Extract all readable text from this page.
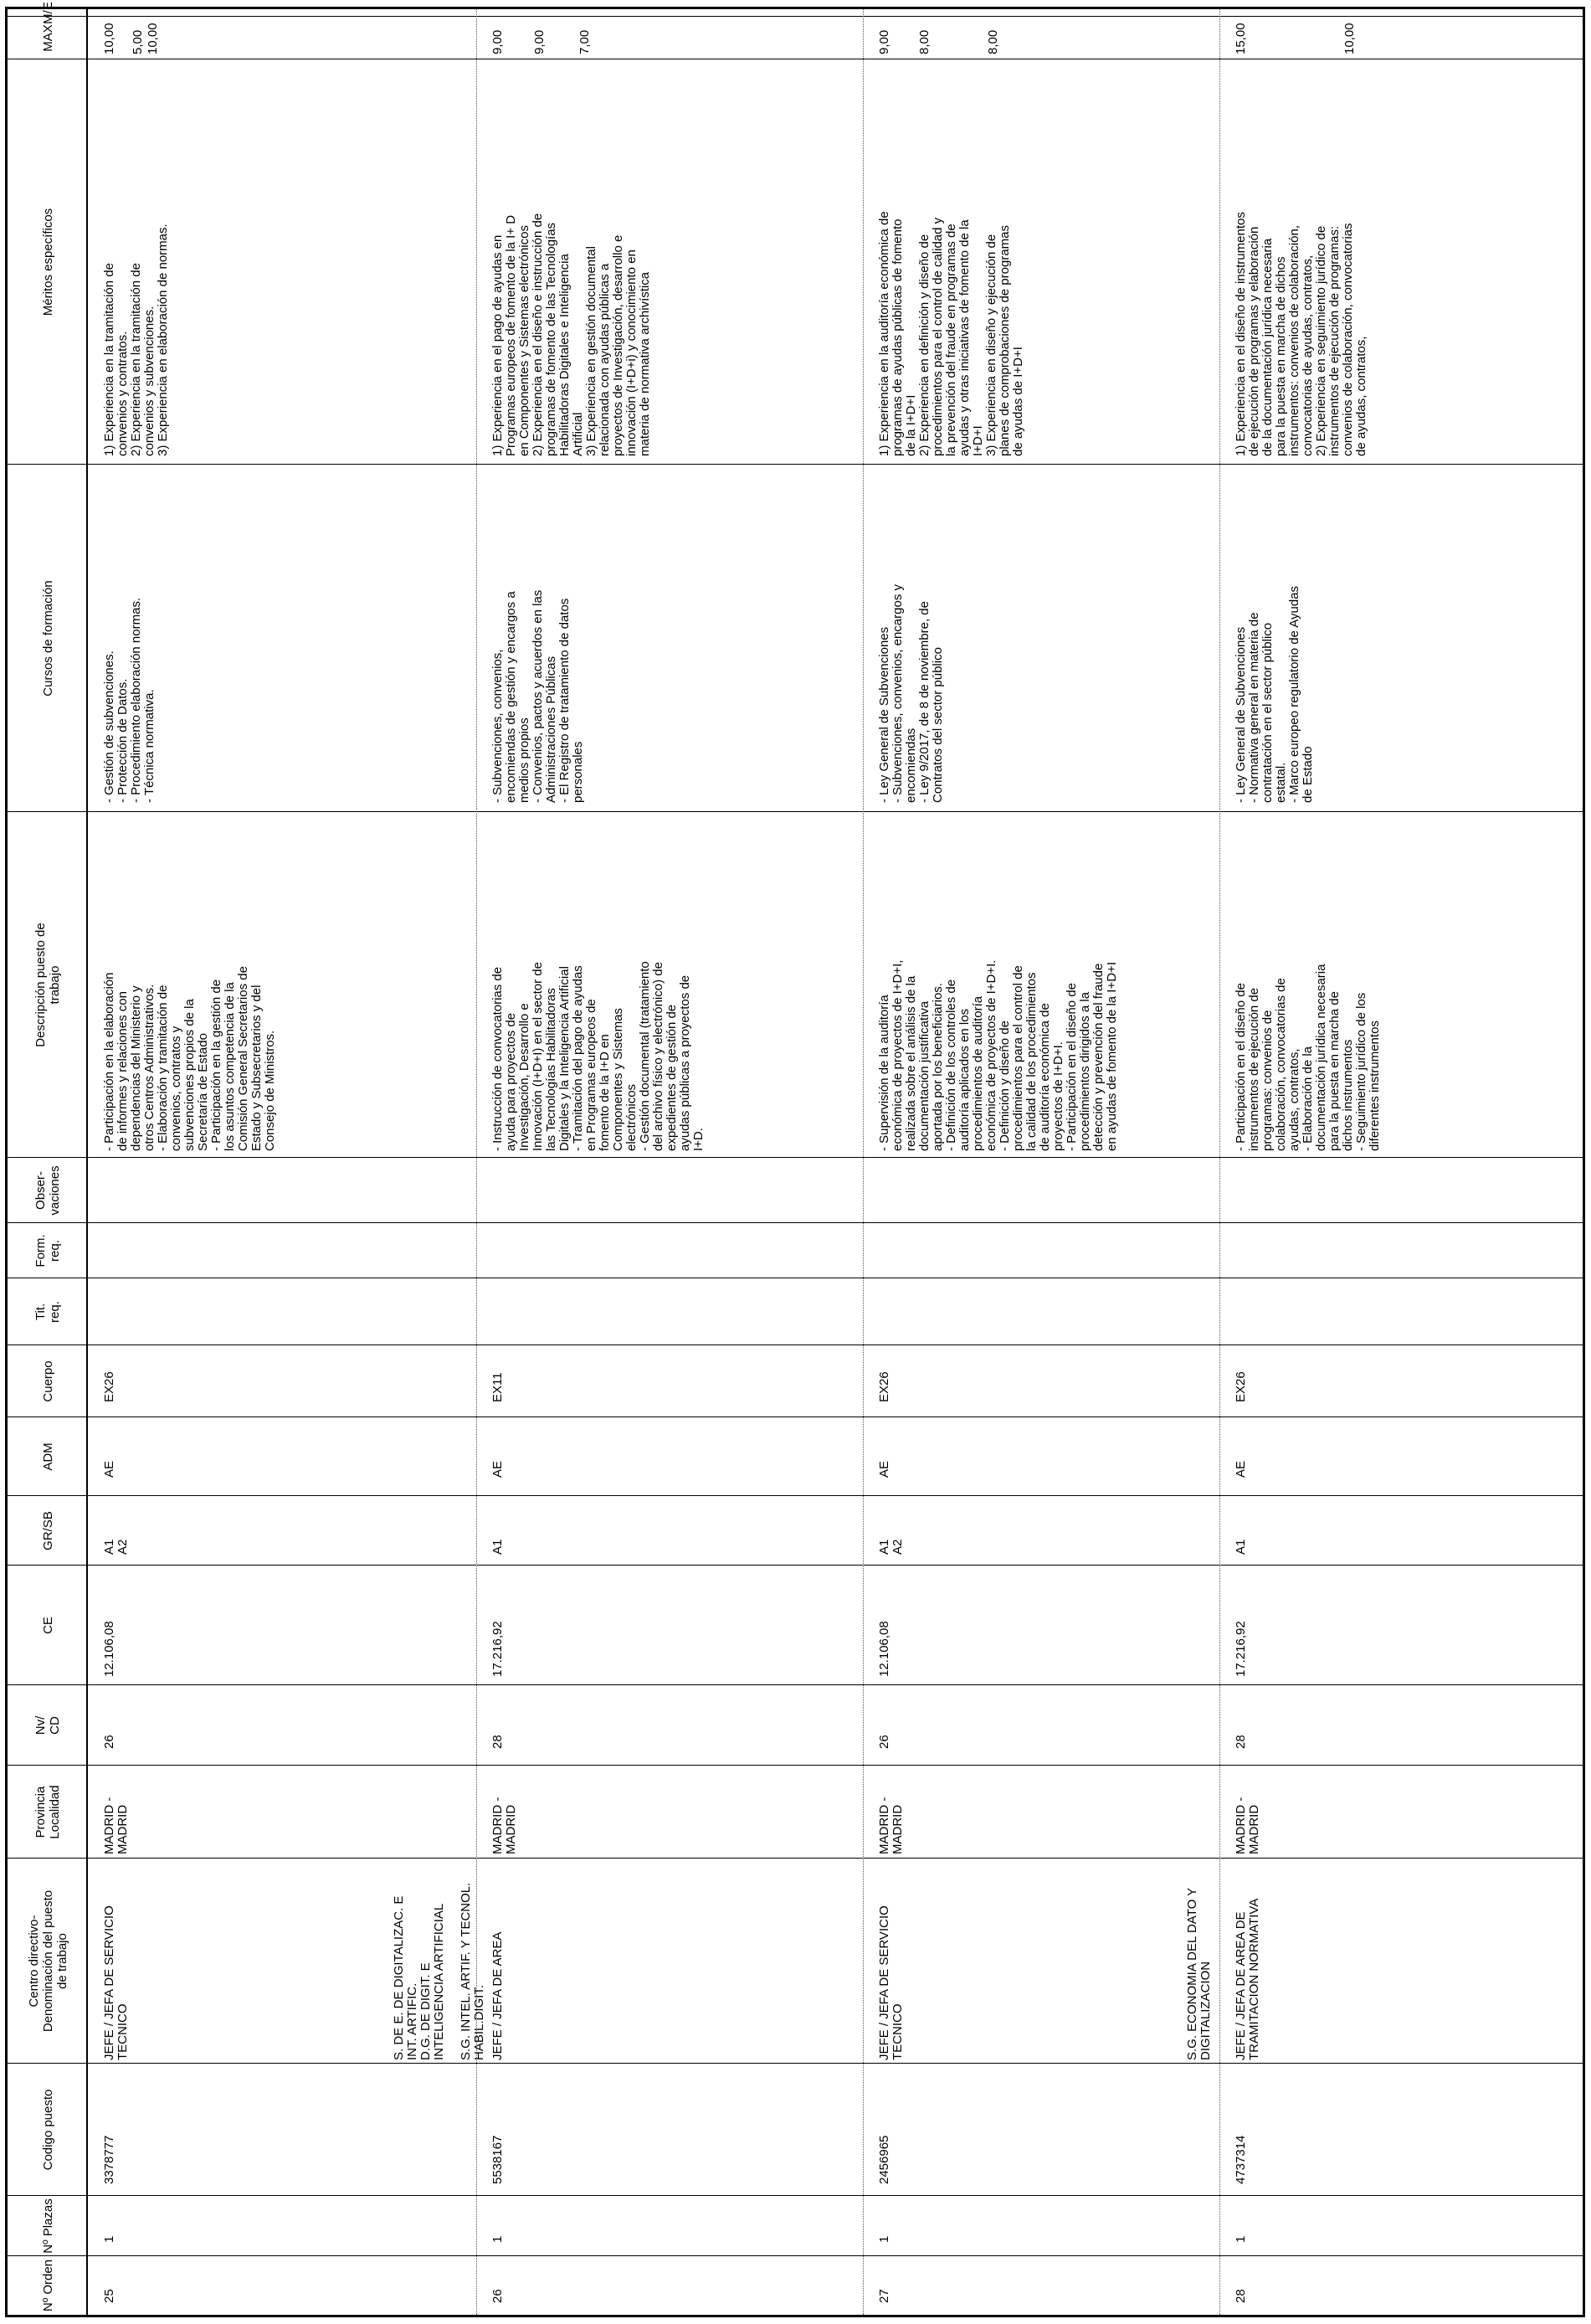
Nº Orden
Nº Plazas
Codigo puesto
Centro directivo-
Denominación del puesto
de trabajo
Provincia
Localidad
Nv/
CD
CE
GR/SB
ADM
Cuerpo
Tit.
req.
Form.
req.
Obser-
vaciones
Descripción puesto de
trabajo
Cursos de formación
Méritos específicos
MAX
M/E
25
1
3378777
JEFE / JEFA DE SERVICIO
TECNICO
MADRID -
MADRID
26
12.106,08
A1
A2
AE
EX26
- Participación en la elaboración
de informes y relaciones con
dependencias del Ministerio y
otros Centros Administrativos.
- Elaboración y tramitación de
convenios, contratos y
subvenciones propios de la
Secretaría de Estado
- Participación en la gestión de
los asuntos competencia de la
Comisión General Secretarios de
Estado y Subsecretarios y del
Consejo de Ministros.
- Gestión de subvenciones.
- Protección de Datos.
- Procedimiento elaboración normas.
- Técnica normativa.
1) Experiencia en la tramitación de
convenios y contratos.
2) Experiencia en la tramitación de
convenios y subvenciones.
3) Experiencia en elaboración de normas.
10,00 5,00 10,00
26
1
5538167
S. DE E. DE DIGITALIZAC. E
INT. ARTIFIC.
D.G. DE DIGIT. E
INTELIGENCIA ARTIFICIAL

S.G. INTEL. ARTIF. Y TECNOL.
HABIL.DIGIT. JEFE / JEFA DE AREA
MADRID -
MADRID
28
17.216,92
A1
AE
EX11
- Instrucción de convocatorias de
ayuda para proyectos de
Investigación, Desarrollo e
Innovación (I+D+I) en el sector de
las Tecnologías Habilitadoras
Digitales y la Inteligencia Artificial
- Tramitación del pago de ayudas
en Programas europeos de
fomento de la I+D en
Componentes y Sistemas
electrónicos
- Gestión documental (tratamiento
del archivo físico y electrónico) de
expedientes de gestión de
ayudas públicas a proyectos de
I+D.
- Subvenciones, convenios,
encomiendas de gestión y encargos a
medios propios
- Convenios, pactos y acuerdos en las
Administraciones Públicas
- El Registro de tratamiento de datos
personales
1) Experiencia en el pago de ayudas en
Programas europeos de fomento de la I+ D
en Componentes y Sistemas electrónicos
2) Experiencia en el diseño e instrucción de
programas de fomento de las Tecnologías
Habilitadoras Digitales e Inteligencia
Artificial
3) Experiencia en gestión documental
relacionada con ayudas públicas a
proyectos de Investigación, desarrollo e
innovación (I+D+i) y conocimiento en
materia de normativa archivística
9,00 9,00 7,00
27
1
2456965
JEFE / JEFA DE SERVICIO
TECNICO
MADRID -
MADRID
26
12.106,08
A1
A2
AE
EX26
- Supervisión de la auditoría
económica de proyectos de I+D+I,
realizada sobre el análisis de la
documentación justificativa
aportada por los beneficiarios.
- Definición de los controles de
auditoría aplicados en los
procedimientos de auditoría
económica de proyectos de I+D+I.
- Definición y diseño de
procedimientos para el control de
la calidad de los procedimientos
de auditoría económica de
proyectos de I+D+I.
- Participación en el diseño de
procedimientos dirigidos a la
detección y prevención del fraude
en ayudas de fomento de la I+D+I
- Ley General de Subvenciones
- Subvenciones, convenios, encargos y
encomiendas
- Ley 9/2017, de 8 de noviembre, de
Contratos del sector público
1) Experiencia en la auditoría económica de
programas de ayudas públicas de fomento
de la I+D+I
2) Experiencia en definición y diseño de
procedimientos para el control de calidad y
la prevención del fraude en programas de
ayudas y otras iniciativas de fomento de la
I+D+I
3) Experiencia en diseño y ejecución de
planes de comprobaciones de programas
de ayudas de I+D+I
9,00 8,00	8,00
28
1
4737314
S.G. ECONOMIA DEL DATO Y
DIGITALIZACION JEFE / JEFA DE AREA DE
TRAMITACION NORMATIVA
MADRID -
MADRID
28
17.216,92
A1
AE
EX26
- Participación en el diseño de
instrumentos de ejecución de
programas: convenios de
colaboración, convocatorias de
ayudas, contratos,
- Elaboración de la
documentación jurídica necesaria
para la puesta en marcha de
dichos instrumentos
- Seguimiento jurídico de los
diferentes instrumentos
- Ley General de Subvenciones
- Normativa general en materia de
contratación en el sector público
estatal.
- Marco europeo regulatorio de Ayudas
de Estado
1) Experiencia en el diseño de instrumentos
de ejecución de programas y elaboración
de la documentación jurídica necesaria
para la puesta en marcha de dichos
instrumentos: convenios de colaboración,
convocatorias de ayudas, contratos,
2) Experiencia en seguimiento jurídico de
instrumentos de ejecución de programas:
convenios de colaboración, convocatorias
de ayudas, contratos,
15,00	10,00
